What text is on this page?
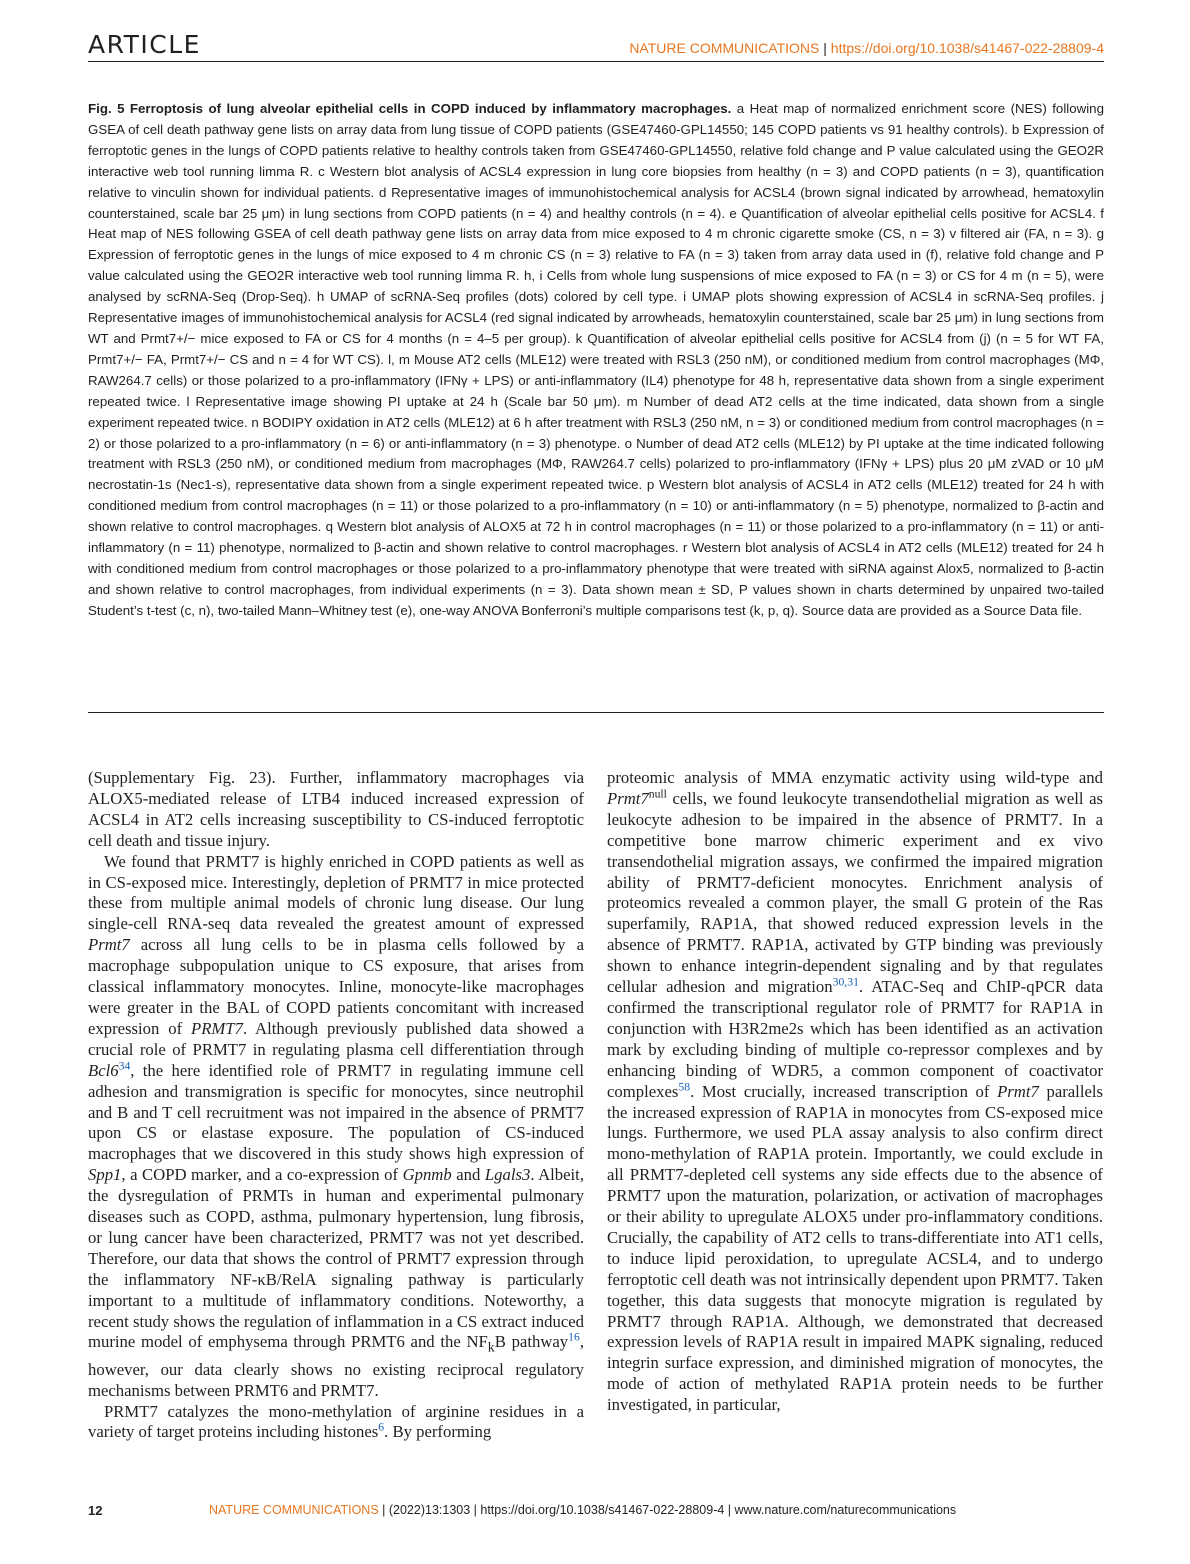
ARTICLE	NATURE COMMUNICATIONS | https://doi.org/10.1038/s41467-022-28809-4
Fig. 5 Ferroptosis of lung alveolar epithelial cells in COPD induced by inflammatory macrophages. a Heat map of normalized enrichment score (NES) following GSEA of cell death pathway gene lists on array data from lung tissue of COPD patients (GSE47460-GPL14550; 145 COPD patients vs 91 healthy controls). b Expression of ferroptotic genes in the lungs of COPD patients relative to healthy controls taken from GSE47460-GPL14550, relative fold change and P value calculated using the GEO2R interactive web tool running limma R. c Western blot analysis of ACSL4 expression in lung core biopsies from healthy (n = 3) and COPD patients (n = 3), quantification relative to vinculin shown for individual patients. d Representative images of immunohistochemical analysis for ACSL4 (brown signal indicated by arrowhead, hematoxylin counterstained, scale bar 25 μm) in lung sections from COPD patients (n = 4) and healthy controls (n = 4). e Quantification of alveolar epithelial cells positive for ACSL4. f Heat map of NES following GSEA of cell death pathway gene lists on array data from mice exposed to 4 m chronic cigarette smoke (CS, n = 3) v filtered air (FA, n = 3). g Expression of ferroptotic genes in the lungs of mice exposed to 4 m chronic CS (n = 3) relative to FA (n = 3) taken from array data used in (f), relative fold change and P value calculated using the GEO2R interactive web tool running limma R. h, i Cells from whole lung suspensions of mice exposed to FA (n = 3) or CS for 4 m (n = 5), were analysed by scRNA-Seq (Drop-Seq). h UMAP of scRNA-Seq profiles (dots) colored by cell type. i UMAP plots showing expression of ACSL4 in scRNA-Seq profiles. j Representative images of immunohistochemical analysis for ACSL4 (red signal indicated by arrowheads, hematoxylin counterstained, scale bar 25 μm) in lung sections from WT and Prmt7+/− mice exposed to FA or CS for 4 months (n = 4–5 per group). k Quantification of alveolar epithelial cells positive for ACSL4 from (j) (n = 5 for WT FA, Prmt7+/− FA, Prmt7+/− CS and n = 4 for WT CS). l, m Mouse AT2 cells (MLE12) were treated with RSL3 (250 nM), or conditioned medium from control macrophages (MΦ, RAW264.7 cells) or those polarized to a pro-inflammatory (IFNγ + LPS) or anti-inflammatory (IL4) phenotype for 48 h, representative data shown from a single experiment repeated twice. l Representative image showing PI uptake at 24 h (Scale bar 50 μm). m Number of dead AT2 cells at the time indicated, data shown from a single experiment repeated twice. n BODIPY oxidation in AT2 cells (MLE12) at 6 h after treatment with RSL3 (250 nM, n = 3) or conditioned medium from control macrophages (n = 2) or those polarized to a pro-inflammatory (n = 6) or anti-inflammatory (n = 3) phenotype. o Number of dead AT2 cells (MLE12) by PI uptake at the time indicated following treatment with RSL3 (250 nM), or conditioned medium from macrophages (MΦ, RAW264.7 cells) polarized to pro-inflammatory (IFNγ + LPS) plus 20 μM zVAD or 10 μM necrostatin-1s (Nec1-s), representative data shown from a single experiment repeated twice. p Western blot analysis of ACSL4 in AT2 cells (MLE12) treated for 24 h with conditioned medium from control macrophages (n = 11) or those polarized to a pro-inflammatory (n = 10) or anti-inflammatory (n = 5) phenotype, normalized to β-actin and shown relative to control macrophages. q Western blot analysis of ALOX5 at 72 h in control macrophages (n = 11) or those polarized to a pro-inflammatory (n = 11) or anti-inflammatory (n = 11) phenotype, normalized to β-actin and shown relative to control macrophages. r Western blot analysis of ACSL4 in AT2 cells (MLE12) treated for 24 h with conditioned medium from control macrophages or those polarized to a pro-inflammatory phenotype that were treated with siRNA against Alox5, normalized to β-actin and shown relative to control macrophages, from individual experiments (n = 3). Data shown mean ± SD, P values shown in charts determined by unpaired two-tailed Student’s t-test (c, n), two-tailed Mann–Whitney test (e), one-way ANOVA Bonferroni’s multiple comparisons test (k, p, q). Source data are provided as a Source Data file.

(Supplementary Fig. 23). Further, inflammatory macrophages via ALOX5-mediated release of LTB4 induced increased expression of ACSL4 in AT2 cells increasing susceptibility to CS-induced ferroptotic cell death and tissue injury.

We found that PRMT7 is highly enriched in COPD patients as well as in CS-exposed mice. Interestingly, depletion of PRMT7 in mice protected these from multiple animal models of chronic lung disease. Our lung single-cell RNA-seq data revealed the greatest amount of expressed Prmt7 across all lung cells to be in plasma cells followed by a macrophage subpopulation unique to CS exposure, that arises from classical inflammatory monocytes. Inline, monocyte-like macrophages were greater in the BAL of COPD patients concomitant with increased expression of PRMT7. Although previously published data showed a crucial role of PRMT7 in regulating plasma cell differentiation through Bcl6$^{34}$, the here identified role of PRMT7 in regulating immune cell adhesion and transmigration is specific for monocytes, since neutrophil and B and T cell recruitment was not impaired in the absence of PRMT7 upon CS or elastase exposure. The population of CS-induced macrophages that we discovered in this study shows high expression of Spp1, a COPD marker, and a co-expression of Gpnmb and Lgals3. Albeit, the dysregulation of PRMTs in human and experimental pulmonary diseases such as COPD, asthma, pulmonary hypertension, lung fibrosis, or lung cancer have been characterized, PRMT7 was not yet described. Therefore, our data that shows the control of PRMT7 expression through the inflammatory NF-κB/RelA signaling pathway is particularly important to a multitude of inflammatory conditions. Noteworthy, a recent study shows the regulation of inflammation in a CS extract induced murine model of emphysema through PRMT6 and the $NF_kB$ pathway$^{16}$, however, our data clearly shows no existing reciprocal regulatory mechanisms between PRMT6 and PRMT7.

PRMT7 catalyzes the mono-methylation of arginine residues in a variety of target proteins including histones$^6$. By performing

proteomic analysis of MMA enzymatic activity using wild-type and $Prmt7^{null}$ cells, we found leukocyte transendothelial migration as well as leukocyte adhesion to be impaired in the absence of PRMT7. In a competitive bone marrow chimeric experiment and ex vivo transendothelial migration assays, we confirmed the impaired migration ability of PRMT7-deficient monocytes. Enrichment analysis of proteomics revealed a common player, the small G protein of the Ras superfamily, RAP1A, that showed reduced expression levels in the absence of PRMT7. RAP1A, activated by GTP binding was previously shown to enhance integrin-dependent signaling and by that regulates cellular adhesion and migration$^{30,31}$. ATAC-Seq and ChIP-qPCR data confirmed the transcriptional regulator role of PRMT7 for RAP1A in conjunction with H3R2me2s which has been identified as an activation mark by excluding binding of multiple co-repressor complexes and by enhancing binding of WDR5, a common component of coactivator complexes$^{58}$. Most crucially, increased transcription of Prmt7 parallels the increased expression of RAP1A in monocytes from CS-exposed mice lungs. Furthermore, we used PLA assay analysis to also confirm direct mono-methylation of RAP1A protein. Importantly, we could exclude in all PRMT7-depleted cell systems any side effects due to the absence of PRMT7 upon the maturation, polarization, or activation of macrophages or their ability to upregulate ALOX5 under pro-inflammatory conditions. Crucially, the capability of AT2 cells to trans-differentiate into AT1 cells, to induce lipid peroxidation, to upregulate ACSL4, and to undergo ferroptotic cell death was not intrinsically dependent upon PRMT7. Taken together, this data suggests that monocyte migration is regulated by PRMT7 through RAP1A. Although, we demonstrated that decreased expression levels of RAP1A result in impaired MAPK signaling, reduced integrin surface expression, and diminished migration of monocytes, the mode of action of methylated RAP1A protein needs to be further investigated, in particular,

12	NATURE COMMUNICATIONS | (2022)13:1303 | https://doi.org/10.1038/s41467-022-28809-4 | www.nature.com/naturecommunications
